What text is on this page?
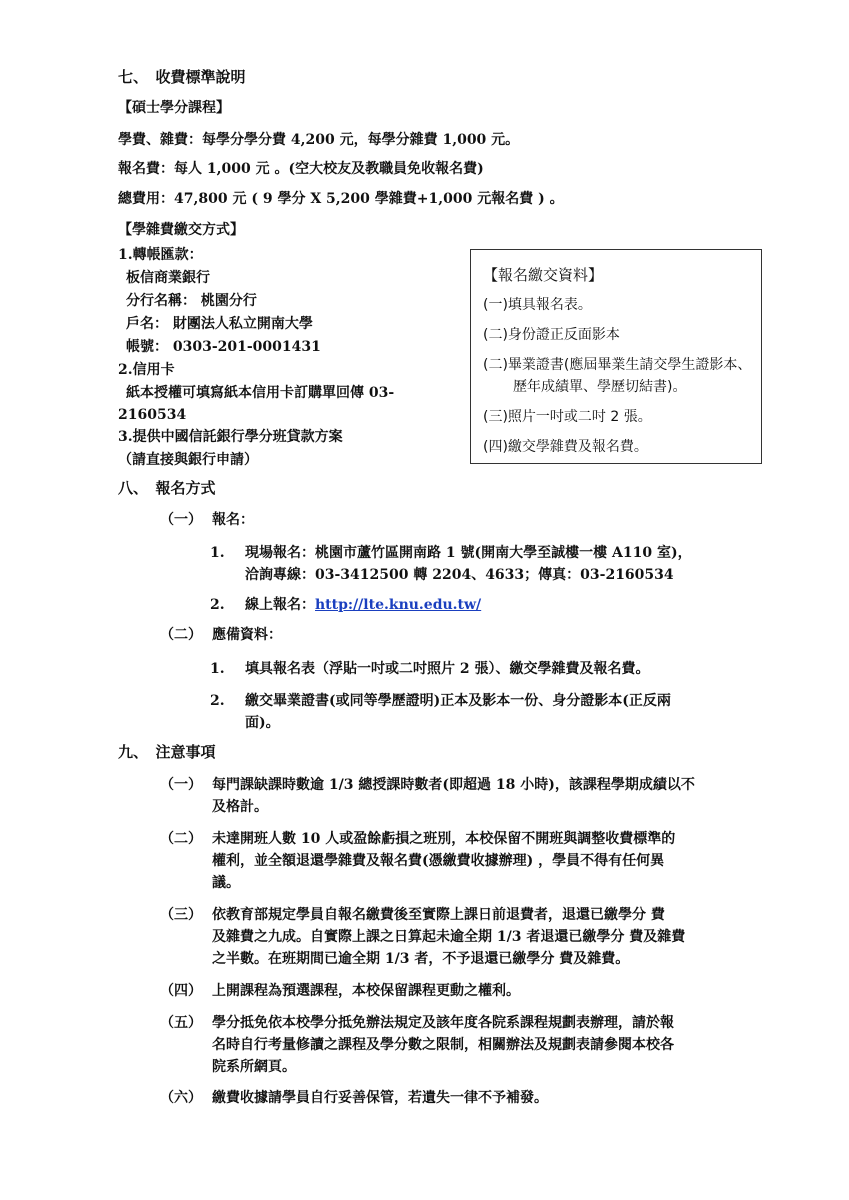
七、　收費標準說明
【碩士學分課程】
學費、雜費：每學分學分費 4,200 元，每學分雜費 1,000 元。
報名費：每人 1,000 元 。(空大校友及教職員免收報名費)
總費用：47,800 元 ( 9 學分 X 5,200 學雜費+1,000 元報名費 ) 。
【學雜費繳交方式】
1.轉帳匯款：
板信商業銀行
分行名稱： 桃園分行
戶名： 財團法人私立開南大學
帳號： 0303-201-0001431
2.信用卡
紙本授權可填寫紙本信用卡訂購單回傳 03-
2160534
3.提供中國信託銀行學分班貸款方案
（請直接與銀行申請）
【報名繳交資料】
(一)填具報名表。
(二)身份證正反面影本
(二)畢業證書(應屆畢業生請交學生證影本、
歷年成績單、學歷切結書)。
(三)照片一吋或二吋 2 張。
(四)繳交學雜費及報名費。
八、　報名方式
（一） 報名：
1. 現場報名：桃園市蘆竹區開南路 1 號(開南大學至誠樓一樓 A110 室)，
洽詢專線：03-3412500 轉 2204、4633；傳真：03-2160534
2. 線上報名：http://lte.knu.edu.tw/
（二） 應備資料：
1. 填具報名表（浮貼一吋或二吋照片 2 張）、繳交學雜費及報名費。
2. 繳交畢業證書(或同等學歷證明)正本及影本一份、身分證影本(正反兩
面)。
九、　注意事項
（一） 每門課缺課時數逾 1/3 總授課時數者(即超過 18 小時)，該課程學期成績以不
及格計。
（二） 未達開班人數 10 人或盈餘虧損之班別，本校保留不開班與調整收費標準的
權利，並全額退還學雜費及報名費(憑繳費收據辦理) ，學員不得有任何異
議。
（三） 依教育部規定學員自報名繳費後至實際上課日前退費者，退還已繳學分 費
及雜費之九成。自實際上課之日算起未逾全期 1/3 者退還已繳學分 費及雜費
之半數。在班期間已逾全期 1/3 者，不予退還已繳學分 費及雜費。
（四） 上開課程為預選課程，本校保留課程更動之權利。
（五） 學分抵免依本校學分抵免辦法規定及該年度各院系課程規劃表辦理，請於報
名時自行考量修讀之課程及學分數之限制，相關辦法及規劃表請參閱本校各
院系所網頁。
（六） 繳費收據請學員自行妥善保管，若遺失一律不予補發。
